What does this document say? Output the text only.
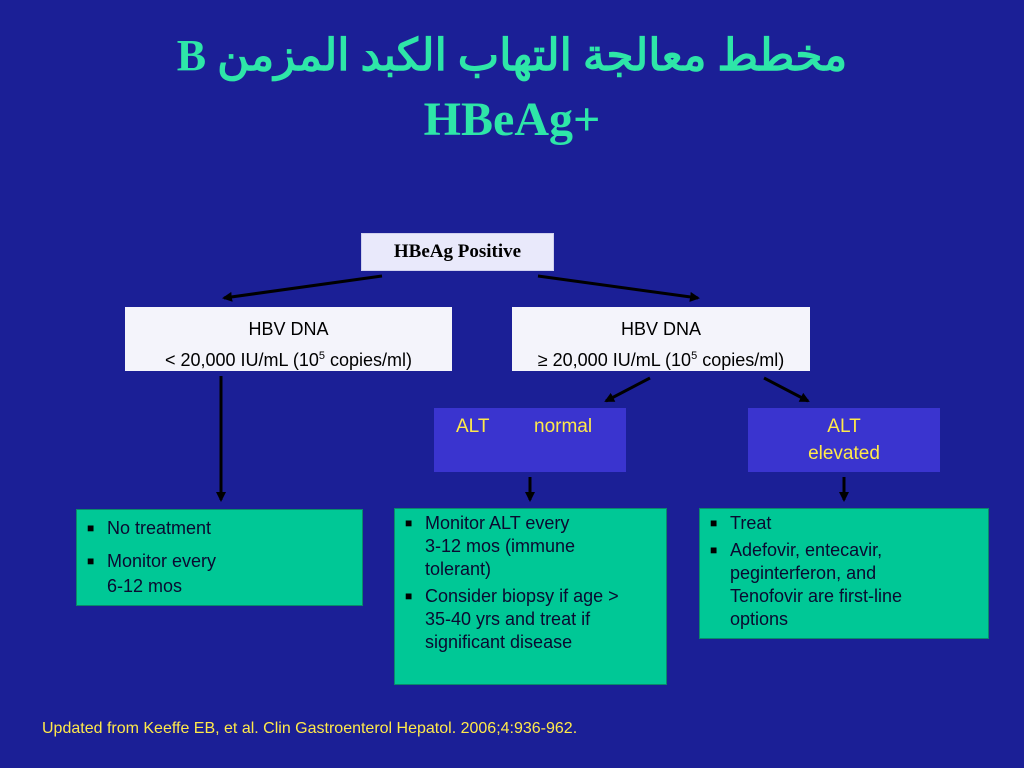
مخطط معالجة التهاب الكبد المزمن B
HBeAg+
HBeAg Positive
HBV DNA
< 20,000 IU/mL ($10^5$ copies/ml)
HBV DNA
≥ 20,000 IU/mL ($10^5$ copies/ml)
ALT normal	ALT
elevated
■ No treatment
■ Monitor every
6-12 mos
■ Monitor ALT every
3-12 mos (immune
tolerant)
■ Consider biopsy if age >
35-40 yrs and treat if
significant disease
■ Treat
■ Adefovir, entecavir,
peginterferon, and
Tenofovir are first-line
options

Updated from Keeffe EB, et al. Clin Gastroenterol Hepatol. 2006;4:936-962.
